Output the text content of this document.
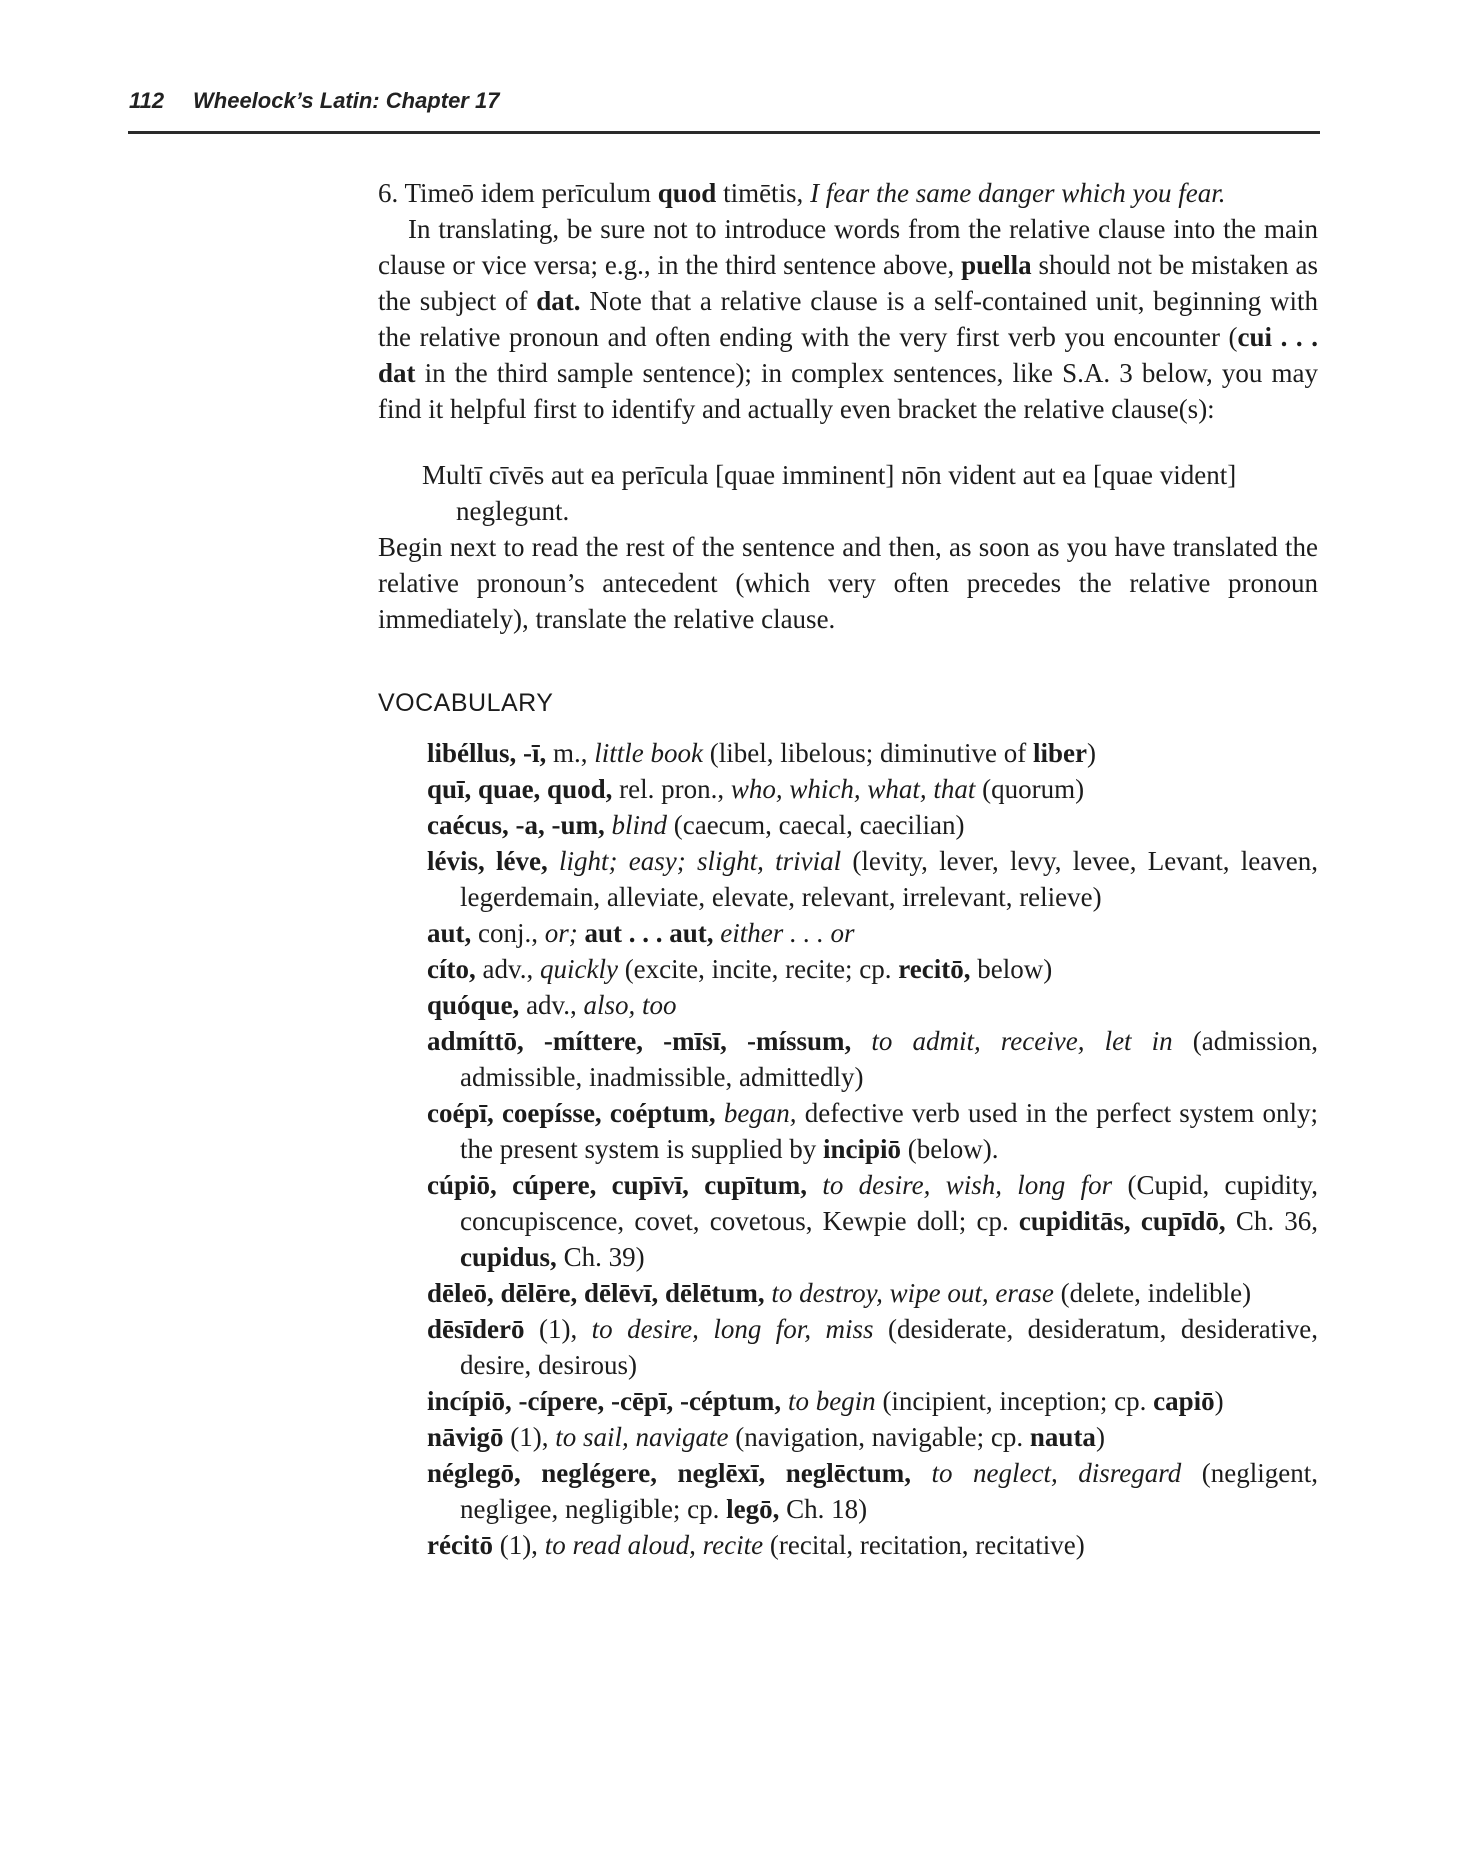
112 Wheelock’s Latin: Chapter 17

6. Timeō idem perīculum quod timētis, I fear the same danger which you fear.

In translating, be sure not to introduce words from the relative clause into the main clause or vice versa; e.g., in the third sentence above, puella should not be mistaken as the subject of dat. Note that a relative clause is a self-contained unit, beginning with the relative pronoun and often ending with the very first verb you encounter (cui . . . dat in the third sample sentence); in complex sentences, like S.A. 3 below, you may find it helpful first to identify and actually even bracket the relative clause(s):

Multī cīvēs aut ea perīcula [quae imminent] nōn vident aut ea [quae vident] neglegunt.

Begin next to read the rest of the sentence and then, as soon as you have translated the relative pronoun’s antecedent (which very often precedes the relative pronoun immediately), translate the relative clause.

VOCABULARY

libéllus, -ī, m., little book (libel, libelous; diminutive of liber)

quī, quae, quod, rel. pron., who, which, what, that (quorum)

caécus, -a, -um, blind (caecum, caecal, caecilian)

lévis, léve, light; easy; slight, trivial (levity, lever, levy, levee, Levant, leaven, legerdemain, alleviate, elevate, relevant, irrelevant, relieve)

aut, conj., or; aut . . . aut, either . . . or

cíto, adv., quickly (excite, incite, recite; cp. recitō, below)

quóque, adv., also, too

admíttō, -míttere, -mīsī, -míssum, to admit, receive, let in (admission, admissible, inadmissible, admittedly)

coépī, coepísse, coéptum, began, defective verb used in the perfect system only; the present system is supplied by incipiō (below).

cúpiō, cúpere, cupīvī, cupītum, to desire, wish, long for (Cupid, cupidity, concupiscence, covet, covetous, Kewpie doll; cp. cupiditās, cupīdō, Ch. 36, cupidus, Ch. 39)

dēleō, dēlēre, dēlēvī, dēlētum, to destroy, wipe out, erase (delete, indelible)

dēsīderō (1), to desire, long for, miss (desiderate, desideratum, desiderative, desire, desirous)

incípiō, -cípere, -cēpī, -céptum, to begin (incipient, inception; cp. capiō)

nāvigō (1), to sail, navigate (navigation, navigable; cp. nauta)

néglegō, neglégere, neglēxī, neglēctum, to neglect, disregard (negligent, negligee, negligible; cp. legō, Ch. 18)

récitō (1), to read aloud, recite (recital, recitation, recitative)
